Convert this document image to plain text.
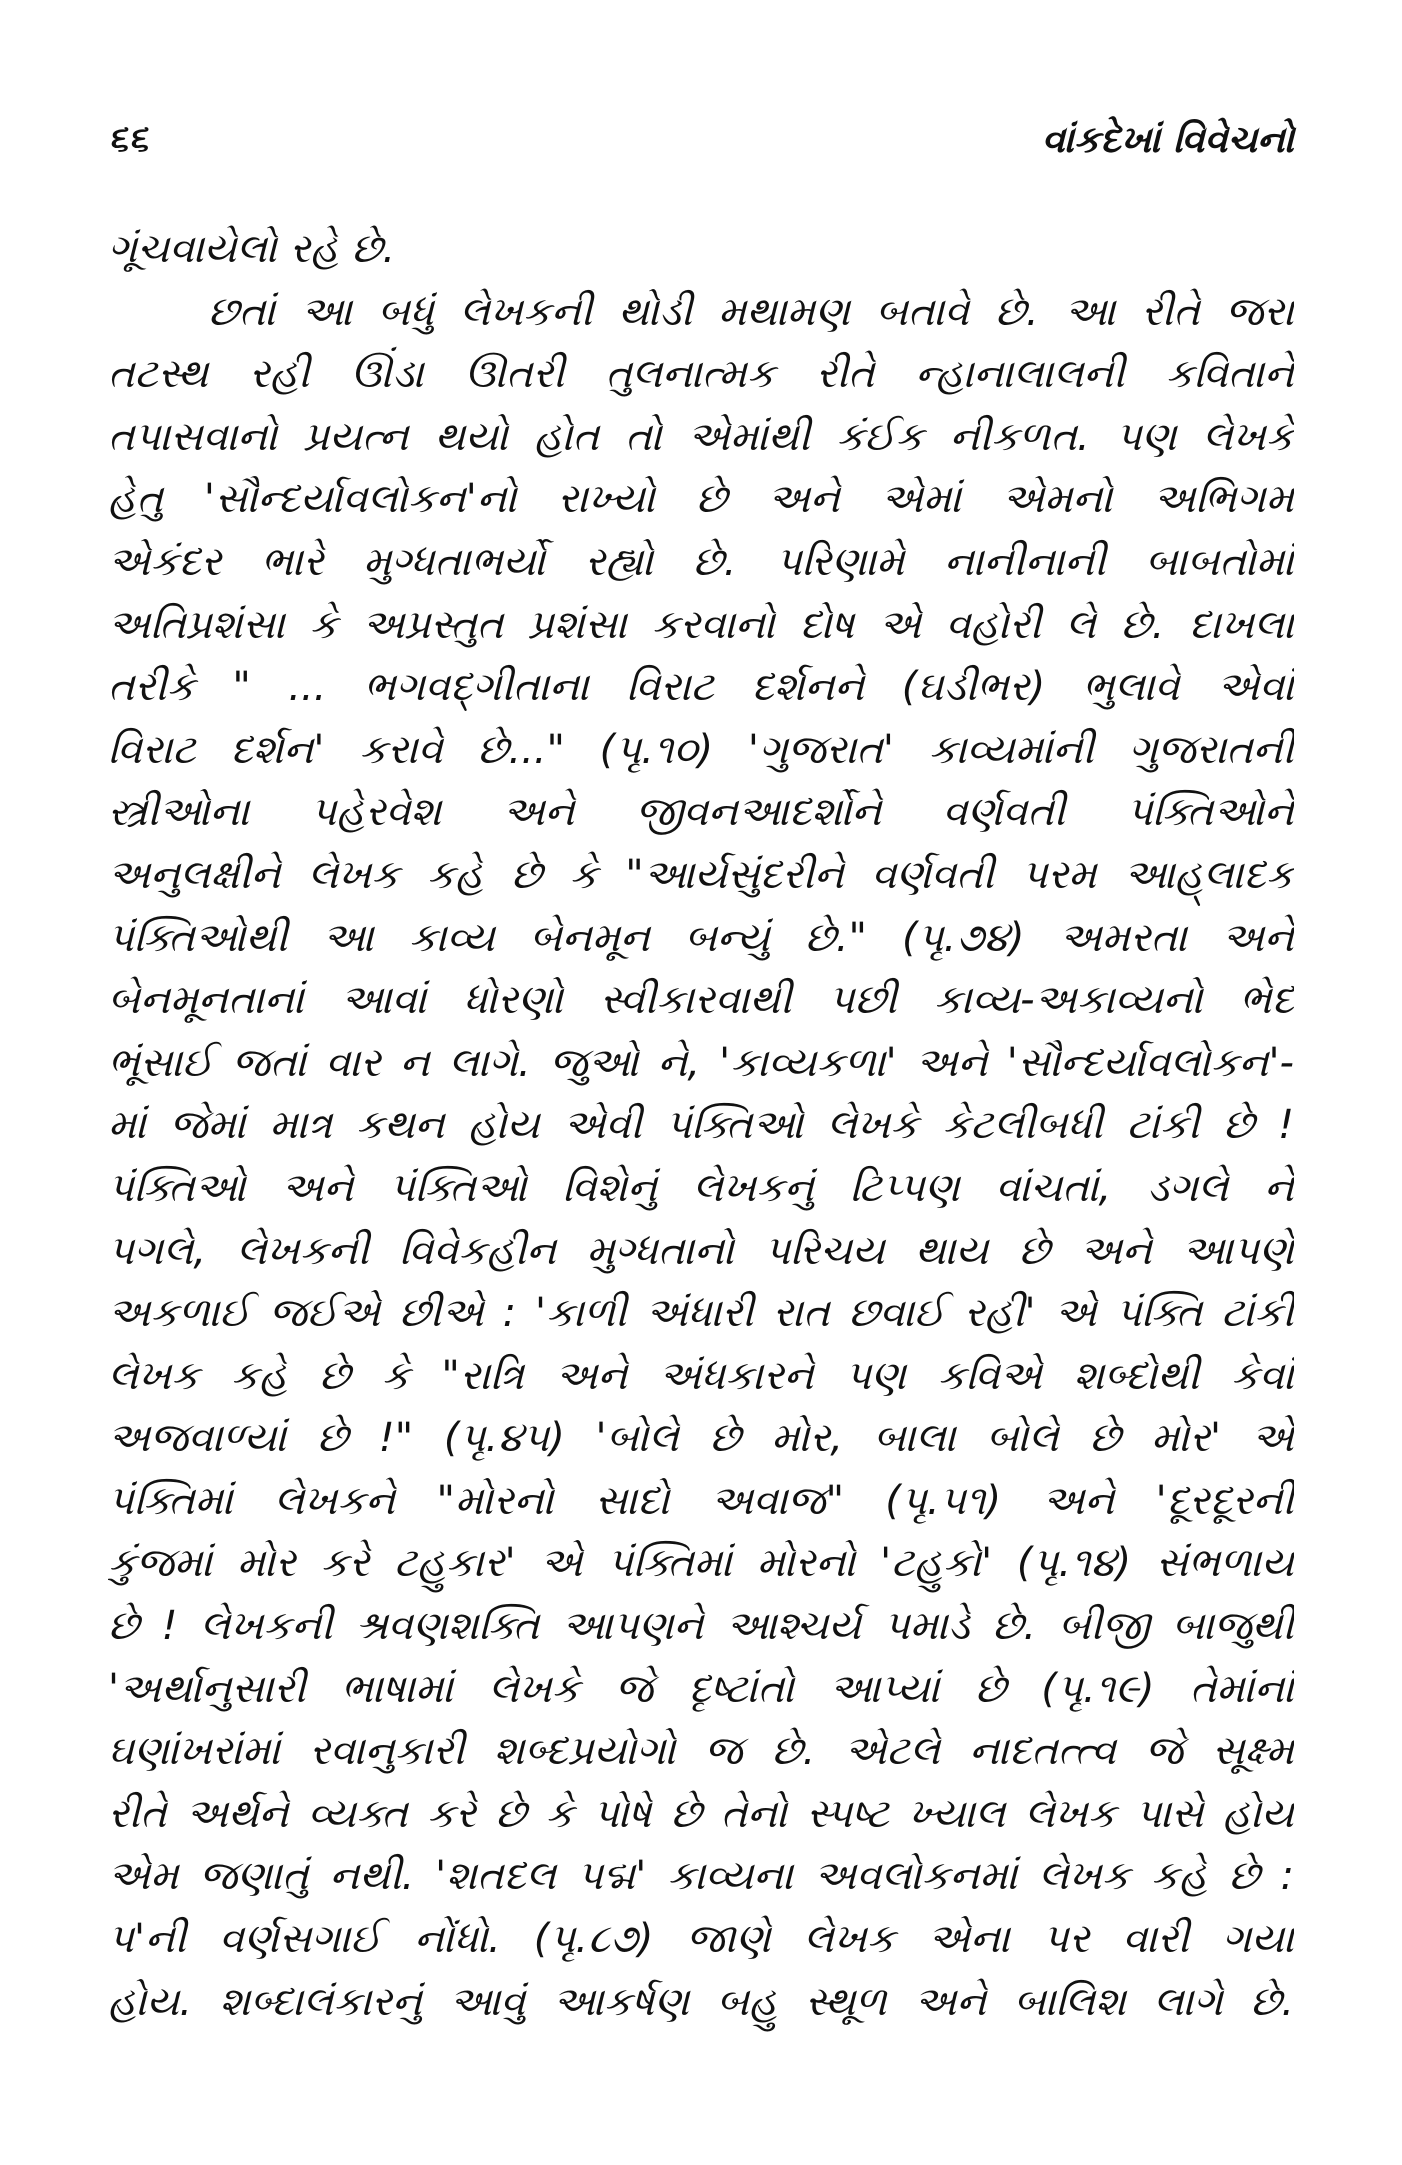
૬૬	વાંકદેખાં વિવેચનો
ગૂંચવાયેલો રહે છે.
છતાં આ બધું લેખકની થોડી મથામણ બતાવે છે. આ રીતે જરા
તટસ્થ રહી ઊંડા ઊતરી તુલનાત્મક રીતે ન્હાનાલાલની કવિતાને
તપાસવાનો પ્રયત્ન થયો હોત તો એમાંથી કંઈક નીકળત. પણ લેખકે
હેતુ 'સૌન્દર્યાવલોકન'નો રાખ્યો છે અને એમાં એમનો અભિગમ
એકંદર ભારે મુગ્ધતાભર્યો રહ્યો છે. પરિણામે નાનીનાની બાબતોમાં
અતિપ્રશંસા કે અપ્રસ્તુત પ્રશંસા કરવાનો દોષ એ વહોરી લે છે. દાખલા
તરીકે " ... ભગવદ્‌ગીતાના વિરાટ દર્શનને (ઘડીભર) ભુલાવે એવાં
વિરાટ દર્શન' કરાવે છે..." (પૃ.૧૦) 'ગુજરાત' કાવ્યમાંની ગુજરાતની
સ્ત્રીઓના પહેરવેશ અને જીવનઆદર્શોને વર્ણવતી પંક્તિઓને
અનુલક્ષીને લેખક કહે છે કે "આર્યસુંદરીને વર્ણવતી પરમ આહ્‌લાદક
પંક્તિઓથી આ કાવ્ય બેનમૂન બન્યું છે." (પૃ.૭૪) અમરતા અને
બેનમૂનતાનાં આવાં ધોરણો સ્વીકારવાથી પછી કાવ્ય-અકાવ્યનો ભેદ
ભૂંસાઈ જતાં વાર ન લાગે. જુઓ ને, 'કાવ્યકળા' અને 'સૌન્દર્યાવલોકન'-
માં જેમાં માત્ર કથન હોય એવી પંક્તિઓ લેખકે કેટલીબધી ટાંકી છે !
પંક્તિઓ અને પંક્તિઓ વિશેનું લેખકનું ટિપ્પણ વાંચતાં, ડગલે ને
પગલે, લેખકની વિવેકહીન મુગ્ધતાનો પરિચય થાય છે અને આપણે
અકળાઈ જઈએ છીએ : 'કાળી અંધારી રાત છવાઈ રહી' એ પંક્તિ ટાંકી
લેખક કહે છે કે "રાત્રિ અને અંધકારને પણ કવિએ શબ્દોથી કેવાં
અજવાળ્યાં છે !" (પૃ.૪૫) 'બોલે છે મોર, બાલા બોલે છે મોર' એ
પંક્તિમાં લેખકને "મોરનો સાદો અવાજ" (પૃ.૫૧) અને 'દૂરદૂરની
કુંજમાં મોર કરે ટહુકાર' એ પંક્તિમાં મોરનો 'ટહુકો' (પૃ.૧૪) સંભળાય
છે ! લેખકની શ્રવણશક્તિ આપણને આશ્ચર્ય પમાડે છે. બીજી બાજુથી
'અર્થાનુસારી ભાષામાં લેખકે જે દૃષ્ટાંતો આપ્યાં છે (પૃ.૧૯) તેમાંનાં
ઘણાંખરાંમાં રવાનુકારી શબ્દપ્રયોગો જ છે. એટલે નાદતત્ત્વ જે સૂક્ષ્મ
રીતે અર્થને વ્યક્ત કરે છે કે પોષે છે તેનો સ્પષ્ટ ખ્યાલ લેખક પાસે હોય
એમ જણાતું નથી. 'શતદલ પદ્મ' કાવ્યના અવલોકનમાં લેખક કહે છે :
પ'ની વર્ણસગાઈ નોંધો. (પૃ.૮૭) જાણે લેખક એના પર વારી ગયા
હોય. શબ્દાલંકારનું આવું આકર્ષણ બહુ સ્થૂળ અને બાલિશ લાગે છે.
